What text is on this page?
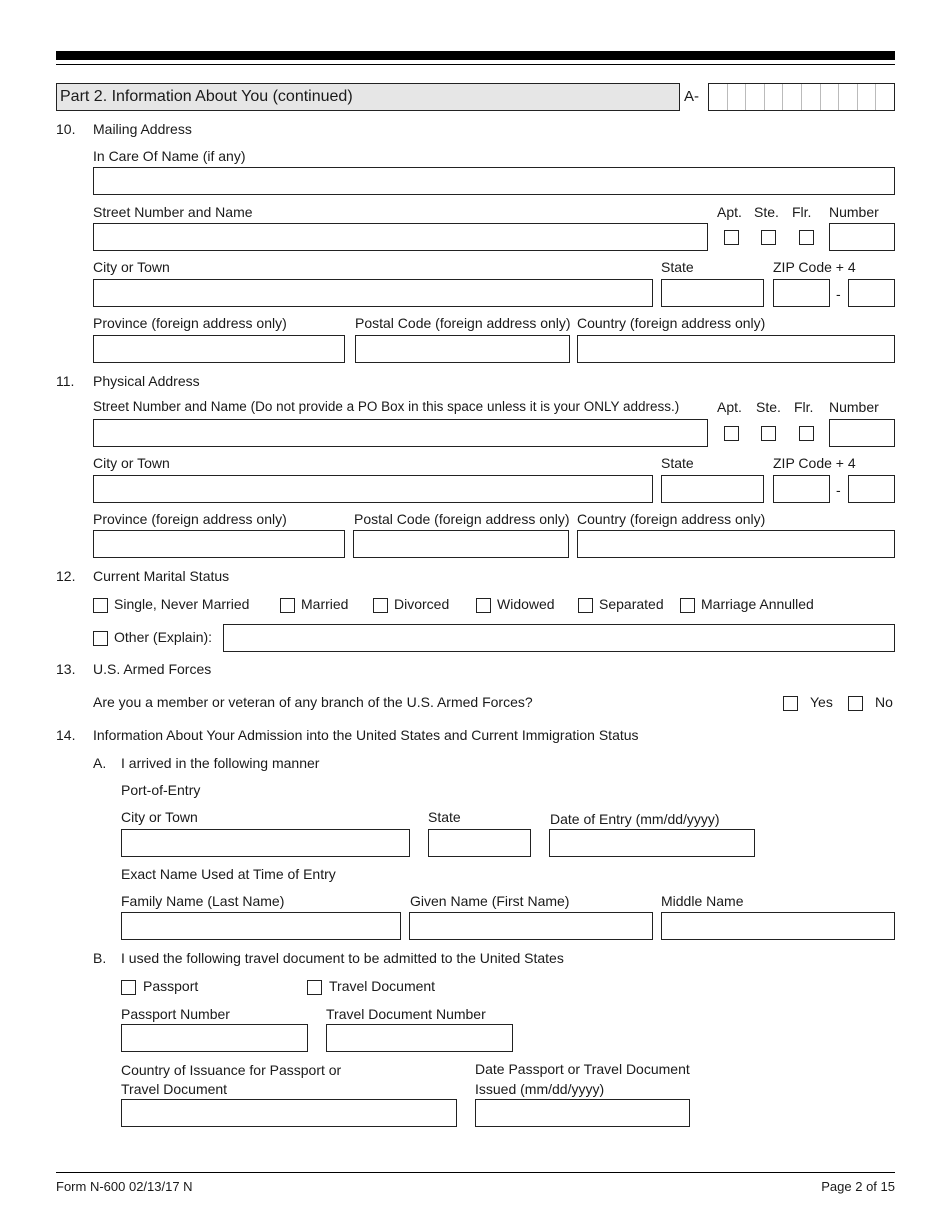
Part 2. Information About You (continued)	A-
10. Mailing Address
In Care Of Name (if any)
Street Number and Name	Apt. Ste. Flr. Number
City or Town	State	ZIP Code + 4
-
Province (foreign address only)	Postal Code (foreign address only) Country (foreign address only)
11. Physical Address
Street Number and Name (Do not provide a PO Box in this space unless it is your ONLY address.)	Apt. Ste. Flr. Number
City or Town	State	ZIP Code + 4
-
Province (foreign address only)	Postal Code (foreign address only) Country (foreign address only)
12. Current Marital Status
Single, Never Married	Married	Divorced	Widowed	Separated	Marriage Annulled
Other (Explain):
13. U.S. Armed Forces
Are you a member or veteran of any branch of the U.S. Armed Forces?	Yes	No
14. Information About Your Admission into the United States and Current Immigration Status
A. I arrived in the following manner
Port-of-Entry
City or Town	State	Date of Entry (mm/dd/yyyy)
Exact Name Used at Time of Entry
Family Name (Last Name)	Given Name (First Name)	Middle Name
B. I used the following travel document to be admitted to the United States
Passport	Travel Document
Passport Number	Travel Document Number
Country of Issuance for Passport or
Travel Document
Date Passport or Travel Document
Issued (mm/dd/yyyy)
Form N-600 02/13/17 N	Page 2 of 15
